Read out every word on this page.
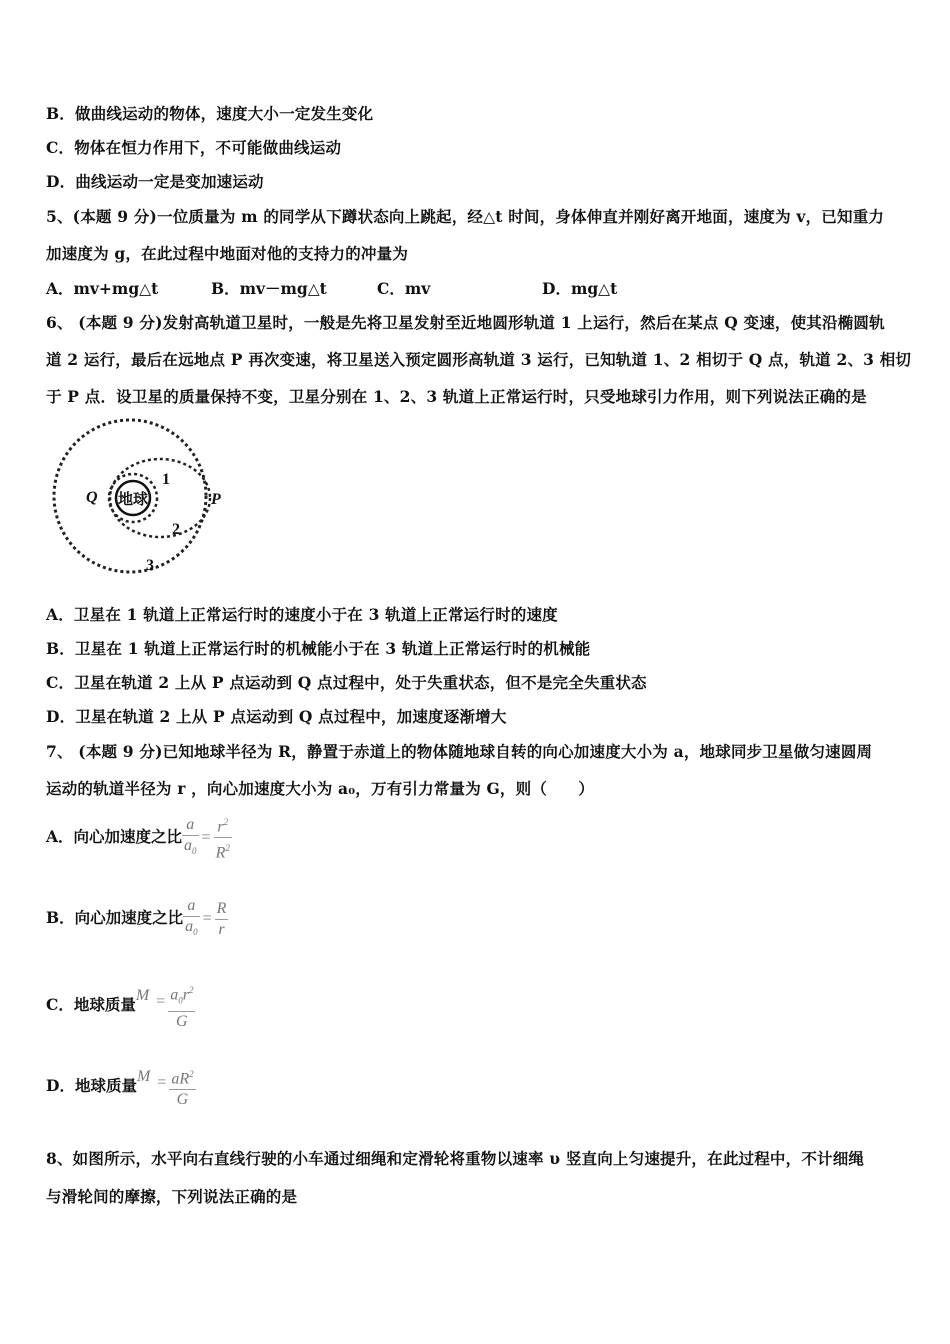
B．做曲线运动的物体，速度大小一定发生变化
C．物体在恒力作用下，不可能做曲线运动
D．曲线运动一定是变加速运动
5、(本题 9 分)一位质量为 m 的同学从下蹲状态向上跳起，经△t 时间，身体伸直并刚好离开地面，速度为 v，已知重力
加速度为 g，在此过程中地面对他的支持力的冲量为
A．mv+mg△t	B．mv－mg△t	C．mv	D．mg△t
6、 (本题 9 分)发射高轨道卫星时，一般是先将卫星发射至近地圆形轨道 1 上运行，然后在某点 Q 变速，使其沿椭圆轨
道 2 运行，最后在远地点 P 再次变速，将卫星送入预定圆形高轨道 3 运行，已知轨道 1、2 相切于 Q 点，轨道 2、3 相切
于 P 点．设卫星的质量保持不变，卫星分别在 1、2、3 轨道上正常运行时，只受地球引力作用，则下列说法正确的是
地球
Q	P
1
2
3
A．卫星在 1 轨道上正常运行时的速度小于在 3 轨道上正常运行时的速度
B．卫星在 1 轨道上正常运行时的机械能小于在 3 轨道上正常运行时的机械能
C．卫星在轨道 2 上从 P 点运动到 Q 点过程中，处于失重状态，但不是完全失重状态
D．卫星在轨道 2 上从 P 点运动到 Q 点过程中，加速度逐渐增大
7、 (本题 9 分)已知地球半径为 R，静置于赤道上的物体随地球自转的向心加速度大小为 a，地球同步卫星做匀速圆周
运动的轨道半径为 r ，向心加速度大小为 a₀，万有引力常量为 G，则（　　）
A．向心加速度之比 $\frac{a}{a_0} = \frac{r^2}{R^2}$
B．向心加速度之比 $\frac{a}{a_0} = \frac{R}{r}$
C．地球质量 $M = \frac{a_0r^2}{G}$
D．地球质量 $M = \frac{aR^2}{G}$
8、如图所示，水平向右直线行驶的小车通过细绳和定滑轮将重物以速率 υ 竖直向上匀速提升，在此过程中，不计细绳
与滑轮间的摩擦，下列说法正确的是
